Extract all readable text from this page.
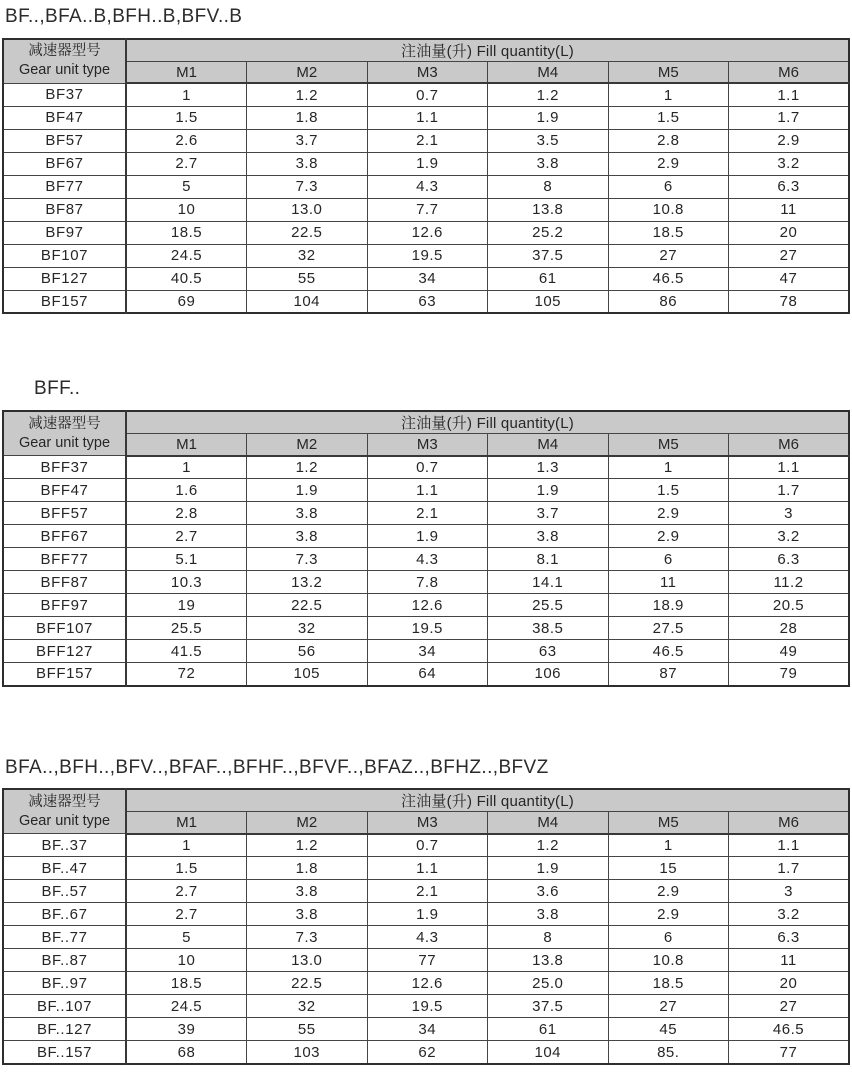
BF..,BFA..B,BFH..B,BFV..B

减速器型号
Gear unit type	注油量(升) Fill quantity(L)					
	M1	M2	M3	M4	M5	M6
BF37	1	1.2	0.7	1.2	1	1.1
BF47	1.5	1.8	1.1	1.9	1.5	1.7
BF57	2.6	3.7	2.1	3.5	2.8	2.9
BF67	2.7	3.8	1.9	3.8	2.9	3.2
BF77	5	7.3	4.3	8	6	6.3
BF87	10	13.0	7.7	13.8	10.8	11
BF97	18.5	22.5	12.6	25.2	18.5	20
BF107	24.5	32	19.5	37.5	27	27
BF127	40.5	55	34	61	46.5	47
BF157	69	104	63	105	86	78

BFF..

减速器型号
Gear unit type	注油量(升) Fill quantity(L)					
	M1	M2	M3	M4	M5	M6
BFF37	1	1.2	0.7	1.3	1	1.1
BFF47	1.6	1.9	1.1	1.9	1.5	1.7
BFF57	2.8	3.8	2.1	3.7	2.9	3
BFF67	2.7	3.8	1.9	3.8	2.9	3.2
BFF77	5.1	7.3	4.3	8.1	6	6.3
BFF87	10.3	13.2	7.8	14.1	11	11.2
BFF97	19	22.5	12.6	25.5	18.9	20.5
BFF107	25.5	32	19.5	38.5	27.5	28
BFF127	41.5	56	34	63	46.5	49
BFF157	72	105	64	106	87	79

BFA..,BFH..,BFV..,BFAF..,BFHF..,BFVF..,BFAZ..,BFHZ..,BFVZ

减速器型号
Gear unit type	注油量(升) Fill quantity(L)					
	M1	M2	M3	M4	M5	M6
BF..37	1	1.2	0.7	1.2	1	1.1
BF..47	1.5	1.8	1.1	1.9	15	1.7
BF..57	2.7	3.8	2.1	3.6	2.9	3
BF..67	2.7	3.8	1.9	3.8	2.9	3.2
BF..77	5	7.3	4.3	8	6	6.3
BF..87	10	13.0	77	13.8	10.8	11
BF..97	18.5	22.5	12.6	25.0	18.5	20
BF..107	24.5	32	19.5	37.5	27	27
BF..127	39	55	34	61	45	46.5
BF..157	68	103	62	104	85.	77
